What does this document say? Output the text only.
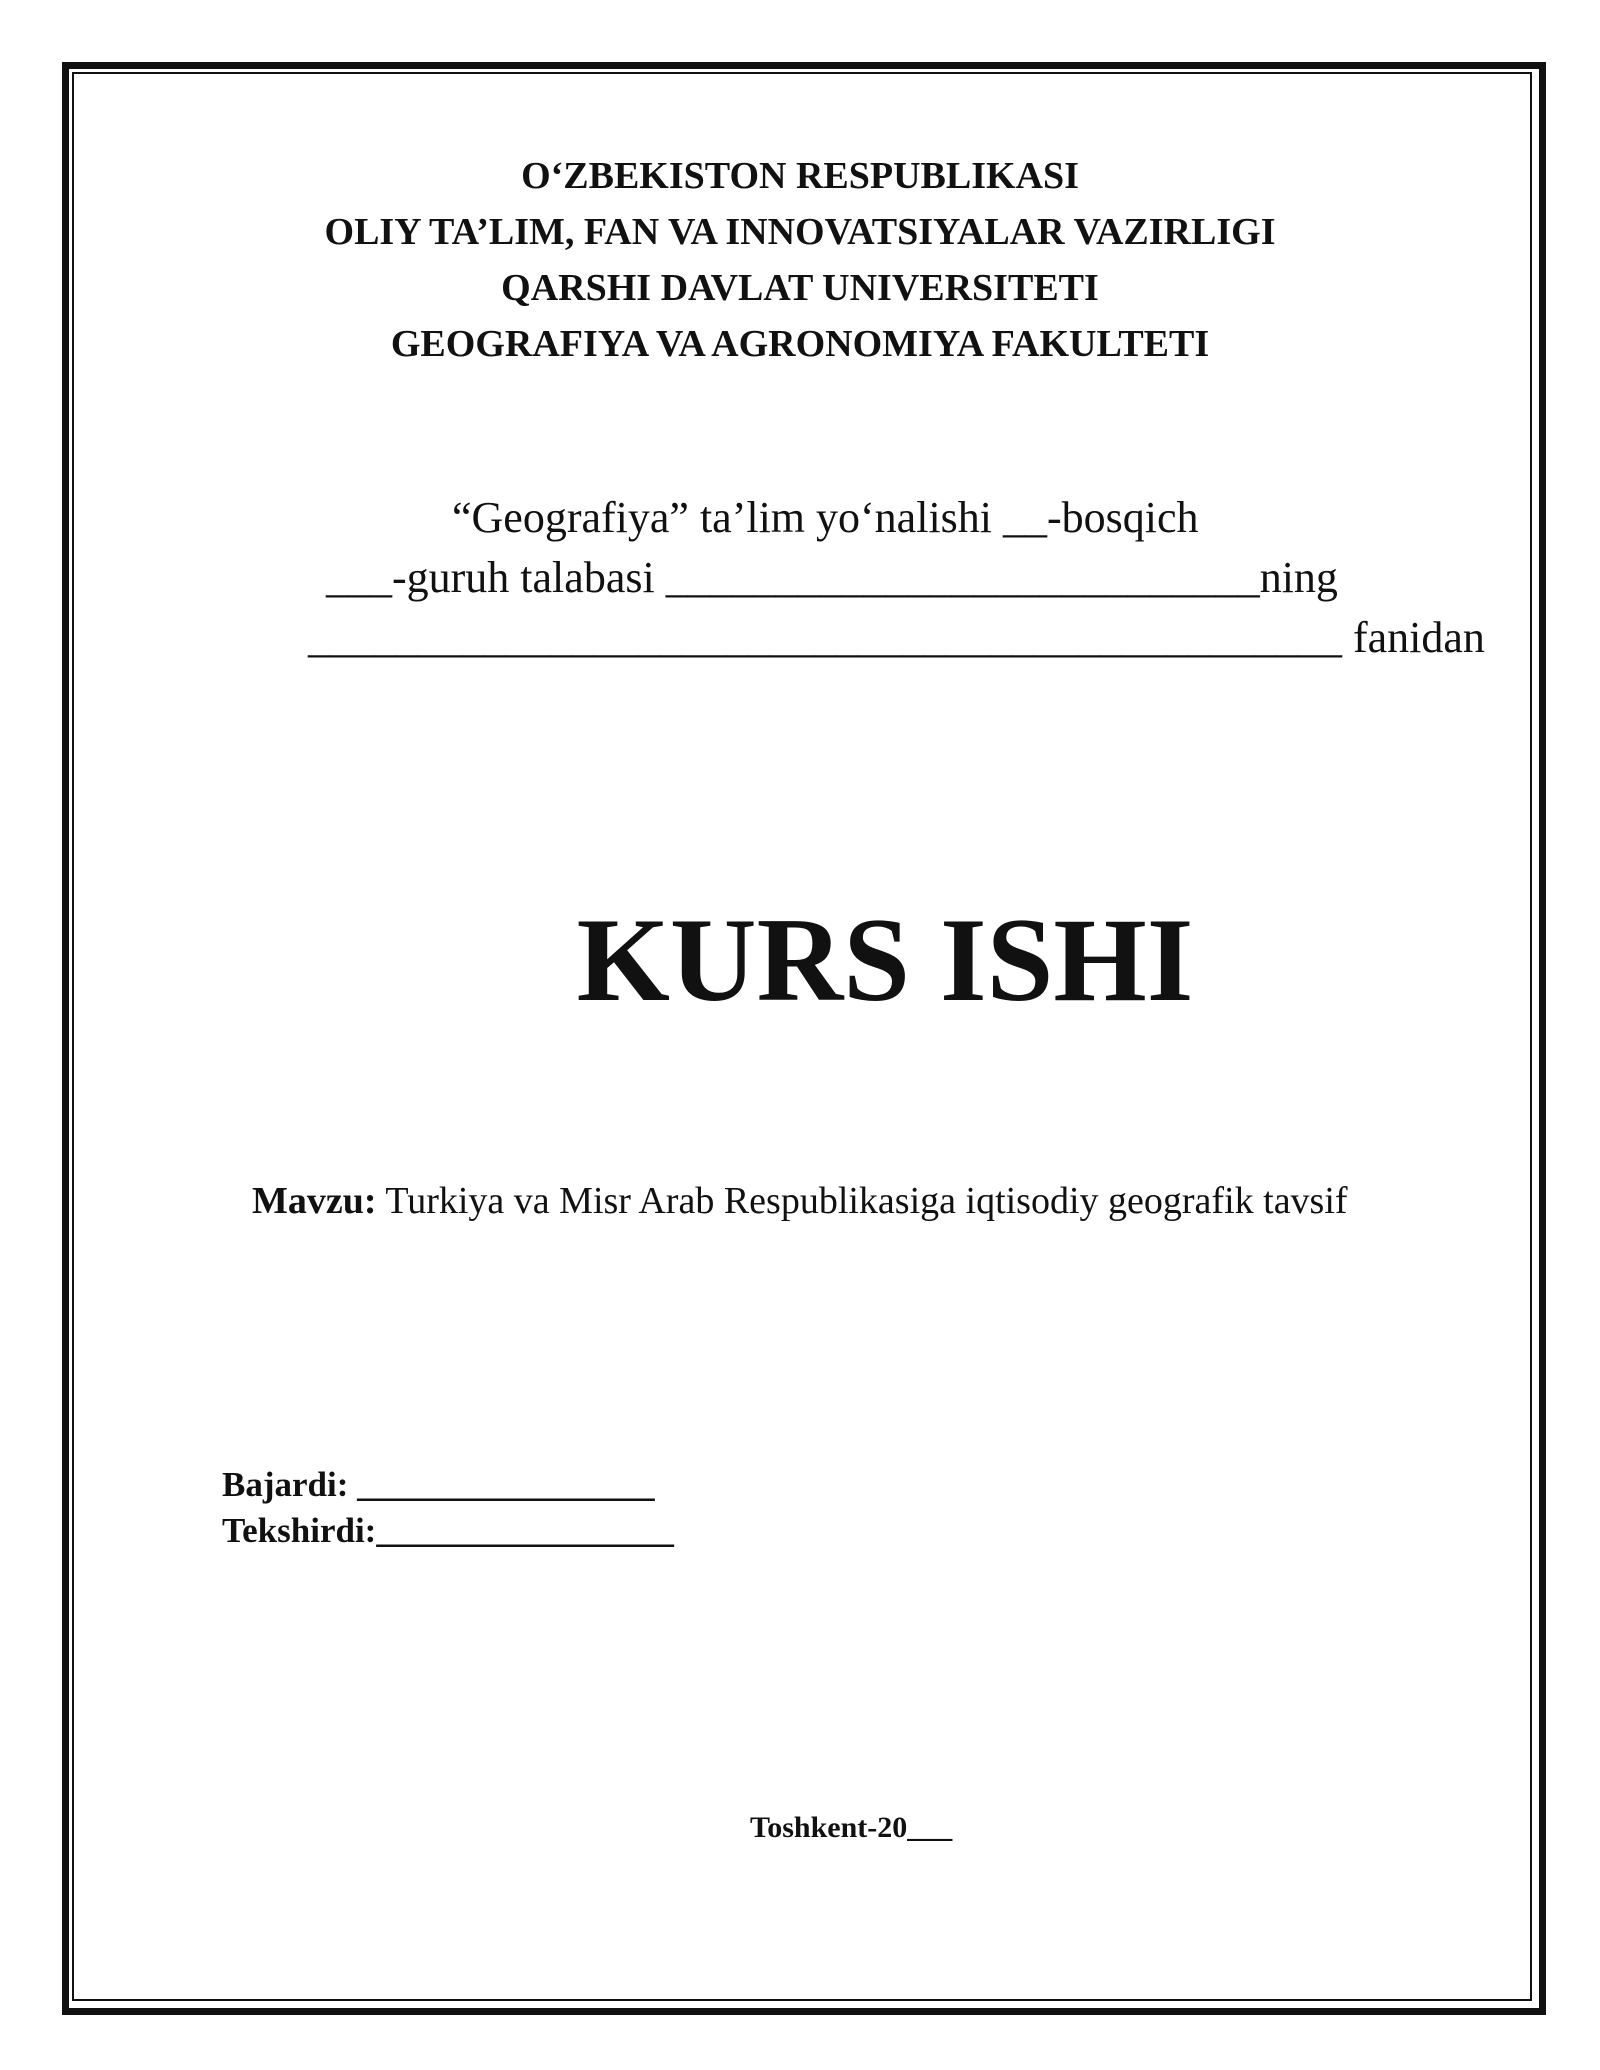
O‘ZBEKISTON RESPUBLIKASI
OLIY TA’LIM, FAN VA INNOVATSIYALAR VAZIRLIGI
QARSHI DAVLAT UNIVERSITETI
GEOGRAFIYA VA AGRONOMIYA FAKULTETI
“Geografiya” ta’lim yo‘nalishi __-bosqich
___-guruh talabasi ___________________________ning
_______________________________________________ fanidan
KURS ISHI
Mavzu: Turkiya va Misr Arab Respublikasiga iqtisodiy geografik tavsif
Bajardi: _________________
Tekshirdi:_________________
Toshkent-20___
